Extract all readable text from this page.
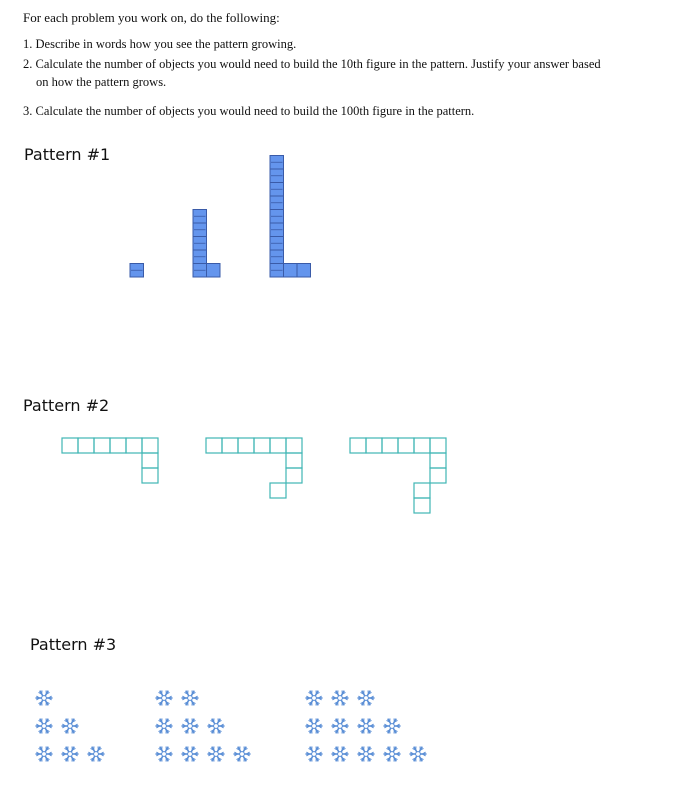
For each problem you work on, do the following:
1. Describe in words how you see the pattern growing.
2. Calculate the number of objects you would need to build the 10th figure in the pattern. Justify your answer based
on how the pattern grows.
3. Calculate the number of objects you would need to build the 100th figure in the pattern.
Pattern #1
Pattern #2
Pattern #3
